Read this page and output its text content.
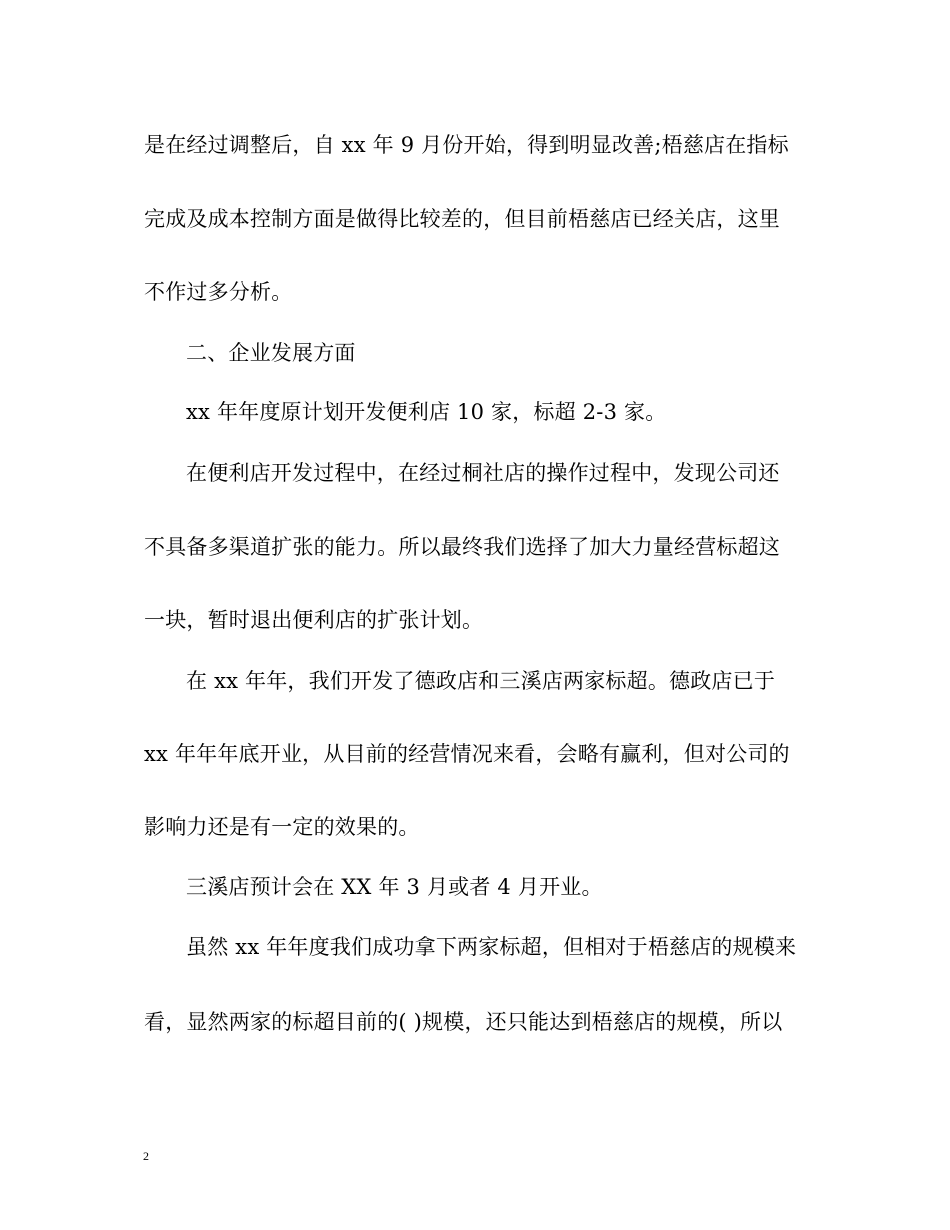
是在经过调整后，自 xx 年 9 月份开始，得到明显改善;梧慈店在指标
完成及成本控制方面是做得比较差的，但目前梧慈店已经关店，这里
不作过多分析。
二、企业发展方面
xx 年年度原计划开发便利店 10 家，标超 2-3 家。
在便利店开发过程中，在经过桐社店的操作过程中，发现公司还
不具备多渠道扩张的能力。所以最终我们选择了加大力量经营标超这
一块，暂时退出便利店的扩张计划。
在 xx 年年，我们开发了德政店和三溪店两家标超。德政店已于
xx 年年年底开业，从目前的经营情况来看，会略有赢利，但对公司的
影响力还是有一定的效果的。
三溪店预计会在 XX 年 3 月或者 4 月开业。
虽然 xx 年年度我们成功拿下两家标超，但相对于梧慈店的规模来
看，显然两家的标超目前的( )规模，还只能达到梧慈店的规模，所以
2
